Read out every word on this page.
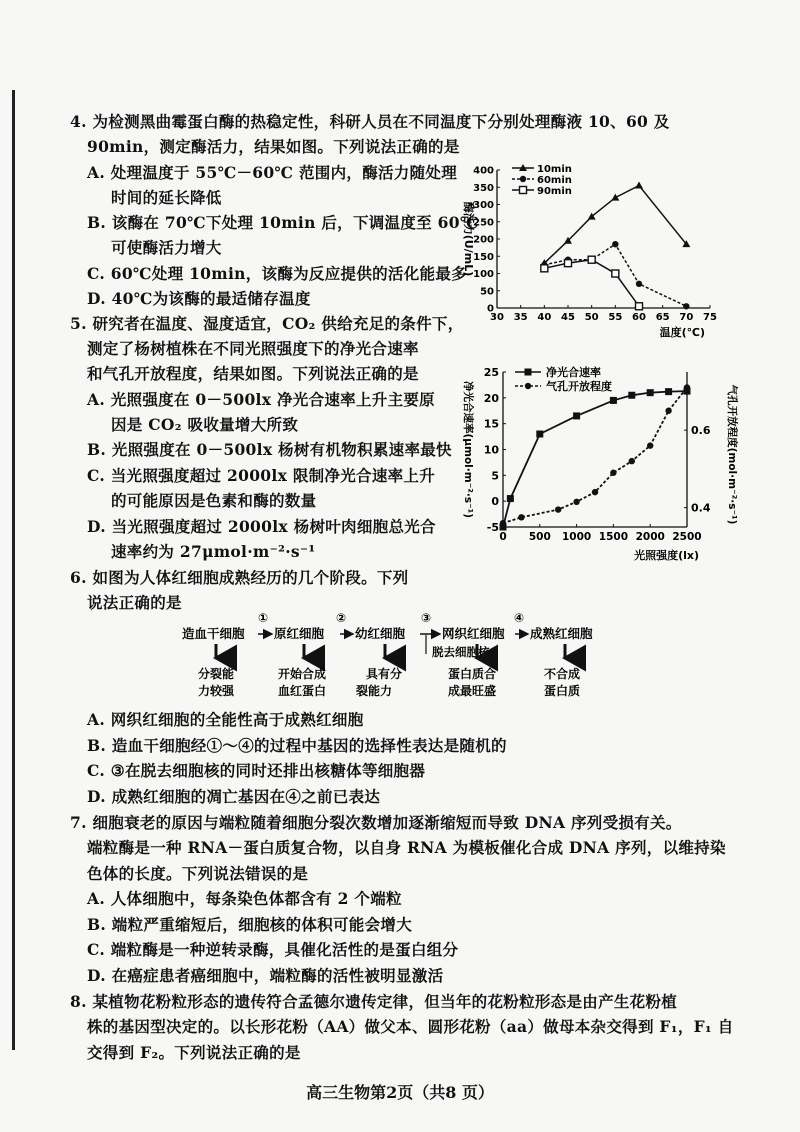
4. 为检测黑曲霉蛋白酶的热稳定性，科研人员在不同温度下分别处理酶液 10、60 及
90min，测定酶活力，结果如图。下列说法正确的是
A. 处理温度于 55℃－60℃ 范围内，酶活力随处理
时间的延长降低
B. 该酶在 70℃下处理 10min 后，下调温度至 60℃
可使酶活力增大
C. 60℃处理 10min，该酶为反应提供的活化能最多
D. 40℃为该酶的最适储存温度
5. 研究者在温度、湿度适宜，CO₂ 供给充足的条件下，
测定了杨树植株在不同光照强度下的净光合速率
和气孔开放程度，结果如图。下列说法正确的是
A. 光照强度在 0－500lx 净光合速率上升主要原
因是 CO₂ 吸收量增大所致
B. 光照强度在 0－500lx 杨树有机物积累速率最快
C. 当光照强度超过 2000lx 限制净光合速率上升
的可能原因是色素和酶的数量
D. 当光照强度超过 2000lx 杨树叶肉细胞总光合
速率约为 27μmol·m⁻²·s⁻¹
6. 如图为人体红细胞成熟经历的几个阶段。下列
说法正确的是
造血干细胞 原红细胞 幼红细胞	网织红细胞 成熟红细胞
①	②	③	④
脱去细胞核
分裂能
力较强
开始合成
血红蛋白
具有分
裂能力
蛋白质合
成最旺盛
不合成
蛋白质
A. 网织红细胞的全能性高于成熟红细胞
B. 造血干细胞经①～④的过程中基因的选择性表达是随机的
C. ③在脱去细胞核的同时还排出核糖体等细胞器
D. 成熟红细胞的凋亡基因在④之前已表达
7. 细胞衰老的原因与端粒随着细胞分裂次数增加逐渐缩短而导致 DNA 序列受损有关。
端粒酶是一种 RNA－蛋白质复合物，以自身 RNA 为模板催化合成 DNA 序列，以维持染
色体的长度。下列说法错误的是
A. 人体细胞中，每条染色体都含有 2 个端粒
B. 端粒严重缩短后，细胞核的体积可能会增大
C. 端粒酶是一种逆转录酶，具催化活性的是蛋白组分
D. 在癌症患者癌细胞中，端粒酶的活性被明显激活
8. 某植物花粉粒形态的遗传符合孟德尔遗传定律，但当年的花粉粒形态是由产生花粉植
株的基因型决定的。以长形花粉（AA）做父本、圆形花粉（aa）做母本杂交得到 F₁，F₁ 自
交得到 F₂。下列说法正确的是
高三生物第2页（共8 页）
30 35 40 45 50 55 60 65 70 75
0
50
100
150
200
250
300
350
400
温度(℃)
酶活力(U/mL)
10min
60min
90min
0 500 1000 1500 2000 2500
-5
0
5
10
15
20
25
0.4
0.6
光照强度(lx)
净光合速率(μmol·m⁻²·s⁻¹)	气孔开放程度(mol·m⁻²·s⁻¹)
净光合速率
气孔开放程度
